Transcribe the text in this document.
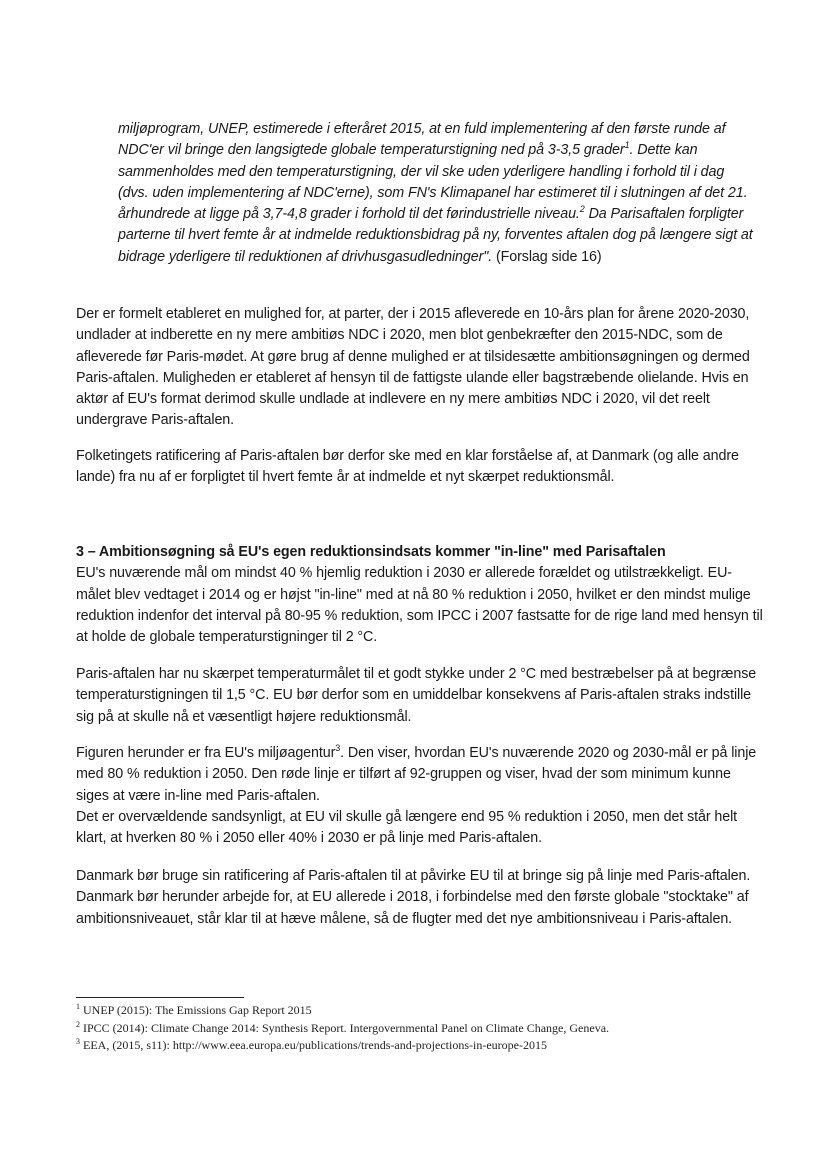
miljøprogram, UNEP, estimerede i efteråret 2015, at en fuld implementering af den første runde af NDC'er vil bringe den langsigtede globale temperaturstigning ned på 3-3,5 grader$^1$. Dette kan sammenholdes med den temperaturstigning, der vil ske uden yderligere handling i forhold til i dag (dvs. uden implementering af NDC'erne), som FN's Klimapanel har estimeret til i slutningen af det 21. århundrede at ligge på 3,7-4,8 grader i forhold til det førindustrielle niveau.$^2$ Da Parisaftalen forpligter parterne til hvert femte år at indmelde reduktionsbidrag på ny, forventes aftalen dog på længere sigt at bidrage yderligere til reduktionen af drivhusgasudledninger". (Forslag side 16)
Der er formelt etableret en mulighed for, at parter, der i 2015 afleverede en 10-års plan for årene 2020-2030, undlader at indberette en ny mere ambitiøs NDC i 2020, men blot genbekræfter den 2015-NDC, som de afleverede før Paris-mødet. At gøre brug af denne mulighed er at tilsidesætte ambitionsøgningen og dermed Paris-aftalen. Muligheden er etableret af hensyn til de fattigste ulande eller bagstræbende olielande. Hvis en aktør af EU's format derimod skulle undlade at indlevere en ny mere ambitiøs NDC i 2020, vil det reelt undergrave Paris-aftalen.
Folketingets ratificering af Paris-aftalen bør derfor ske med en klar forståelse af, at Danmark (og alle andre lande) fra nu af er forpligtet til hvert femte år at indmelde et nyt skærpet reduktionsmål.
3 – Ambitionsøgning så EU's egen reduktionsindsats kommer "in-line" med Parisaftalen
EU's nuværende mål om mindst 40 % hjemlig reduktion i 2030 er allerede forældet og utilstrækkeligt. EU-målet blev vedtaget i 2014 og er højst "in-line" med at nå 80 % reduktion i 2050, hvilket er den mindst mulige reduktion indenfor det interval på 80-95 % reduktion, som IPCC i 2007 fastsatte for de rige land med hensyn til at holde de globale temperaturstigninger til 2 °C.
Paris-aftalen har nu skærpet temperaturmålet til et godt stykke under 2 °C med bestræbelser på at begrænse temperaturstigningen til 1,5 °C. EU bør derfor som en umiddelbar konsekvens af Paris-aftalen straks indstille sig på at skulle nå et væsentligt højere reduktionsmål.
Figuren herunder er fra EU's miljøagentur$^3$. Den viser, hvordan EU's nuværende 2020 og 2030-mål er på linje med 80 % reduktion i 2050. Den røde linje er tilført af 92-gruppen og viser, hvad der som minimum kunne siges at være in-line med Paris-aftalen.
Det er overvældende sandsynligt, at EU vil skulle gå længere end 95 % reduktion i 2050, men det står helt klart, at hverken 80 % i 2050 eller 40% i 2030 er på linje med Paris-aftalen.
Danmark bør bruge sin ratificering af Paris-aftalen til at påvirke EU til at bringe sig på linje med Paris-aftalen. Danmark bør herunder arbejde for, at EU allerede i 2018, i forbindelse med den første globale "stocktake" af ambitionsniveauet, står klar til at hæve målene, så de flugter med det nye ambitionsniveau i Paris-aftalen.
$^1$ UNEP (2015): The Emissions Gap Report 2015
$^2$ IPCC (2014): Climate Change 2014: Synthesis Report. Intergovernmental Panel on Climate Change, Geneva.
$^3$ EEA, (2015, s11): http://www.eea.europa.eu/publications/trends-and-projections-in-europe-2015
